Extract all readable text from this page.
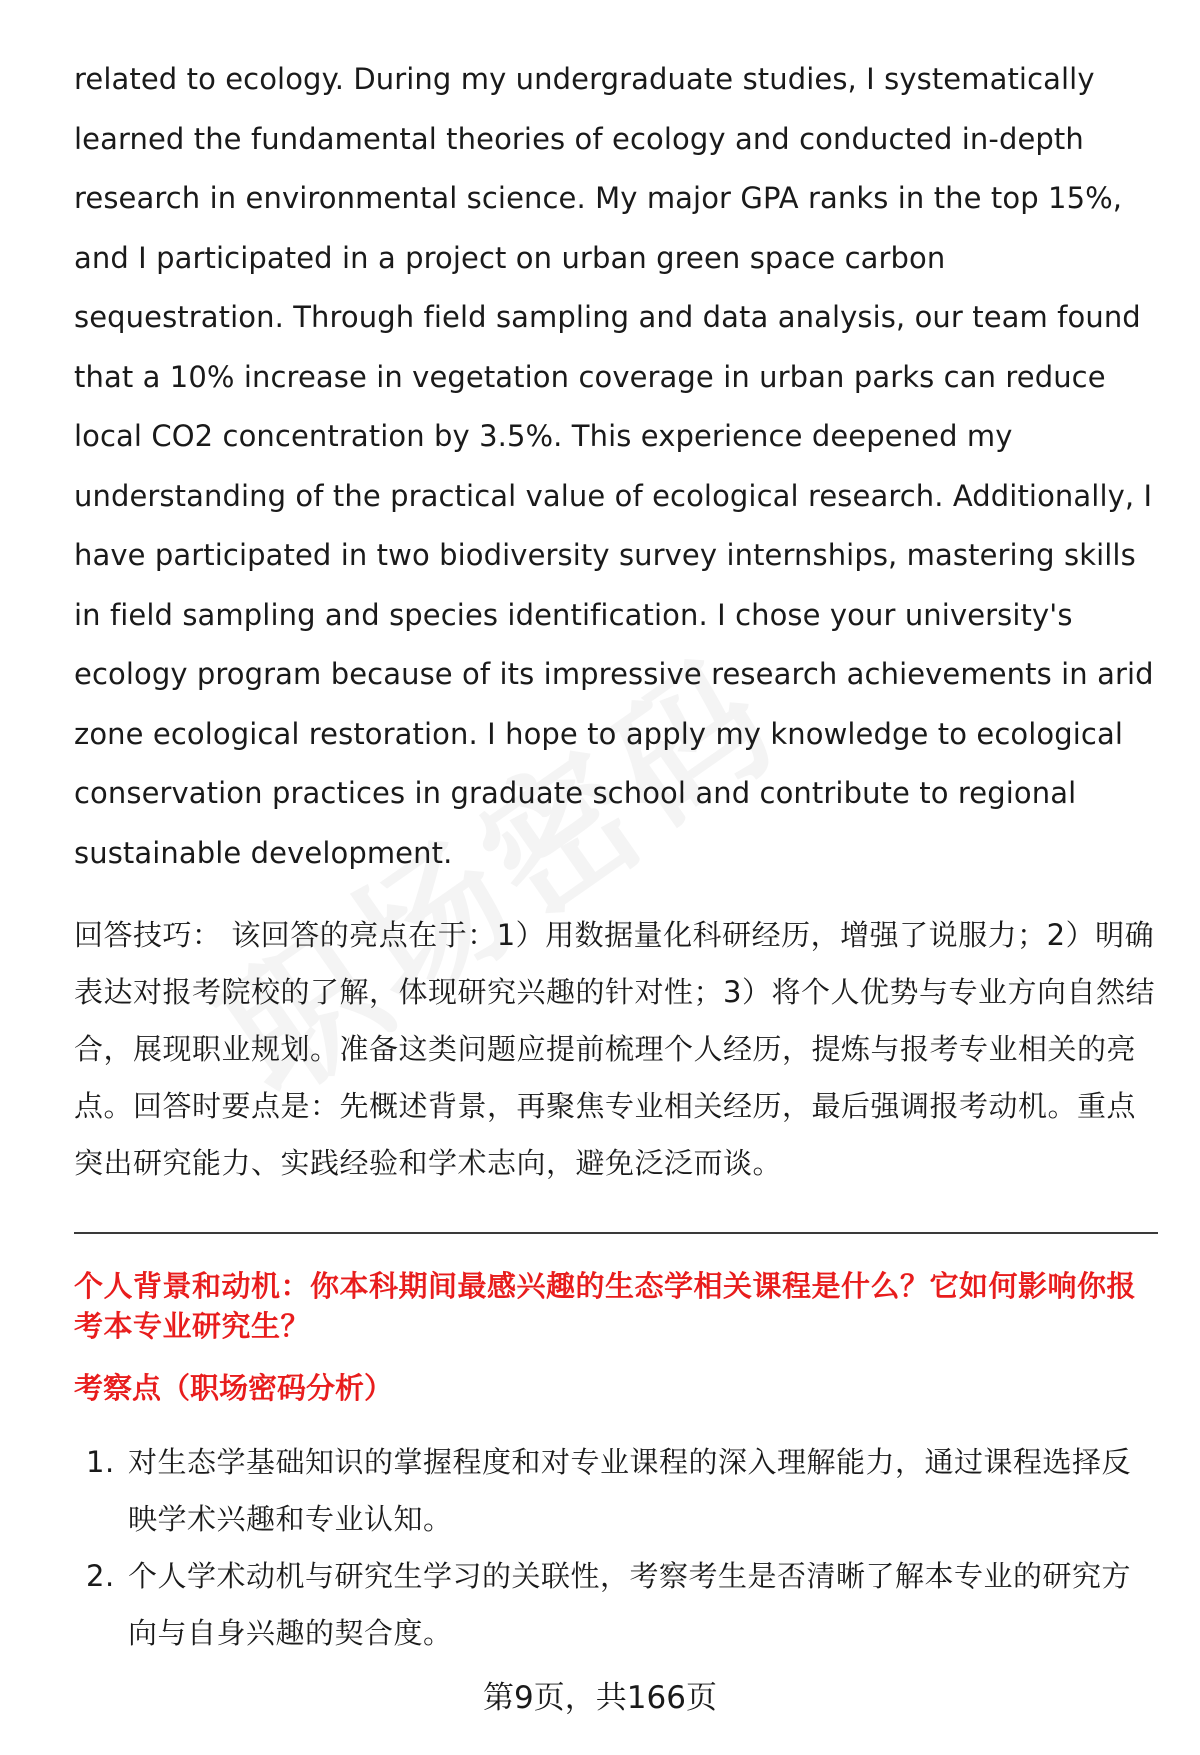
related to ecology. During my undergraduate studies, I systematically learned the fundamental theories of ecology and conducted in-depth research in environmental science. My major GPA ranks in the top 15%, and I participated in a project on urban green space carbon sequestration. Through field sampling and data analysis, our team found that a 10% increase in vegetation coverage in urban parks can reduce local CO2 concentration by 3.5%. This experience deepened my understanding of the practical value of ecological research. Additionally, I have participated in two biodiversity survey internships, mastering skills in field sampling and species identification. I chose your university's ecology program because of its impressive research achievements in arid zone ecological restoration. I hope to apply my knowledge to ecological conservation practices in graduate school and contribute to regional sustainable development.

回答技巧： 该回答的亮点在于：1）用数据量化科研经历，增强了说服力；2）明确表达对报考院校的了解，体现研究兴趣的针对性；3）将个人优势与专业方向自然结合，展现职业规划。准备这类问题应提前梳理个人经历，提炼与报考专业相关的亮点。回答时要点是：先概述背景，再聚焦专业相关经历，最后强调报考动机。重点突出研究能力、实践经验和学术志向，避免泛泛而谈。

个人背景和动机：你本科期间最感兴趣的生态学相关课程是什么？它如何影响你报考本专业研究生？

考察点（职场密码分析）

1. 对生态学基础知识的掌握程度和对专业课程的深入理解能力，通过课程选择反映学术兴趣和专业认知。
2. 个人学术动机与研究生学习的关联性，考察考生是否清晰了解本专业的研究方向与自身兴趣的契合度。
第9页，共166页
